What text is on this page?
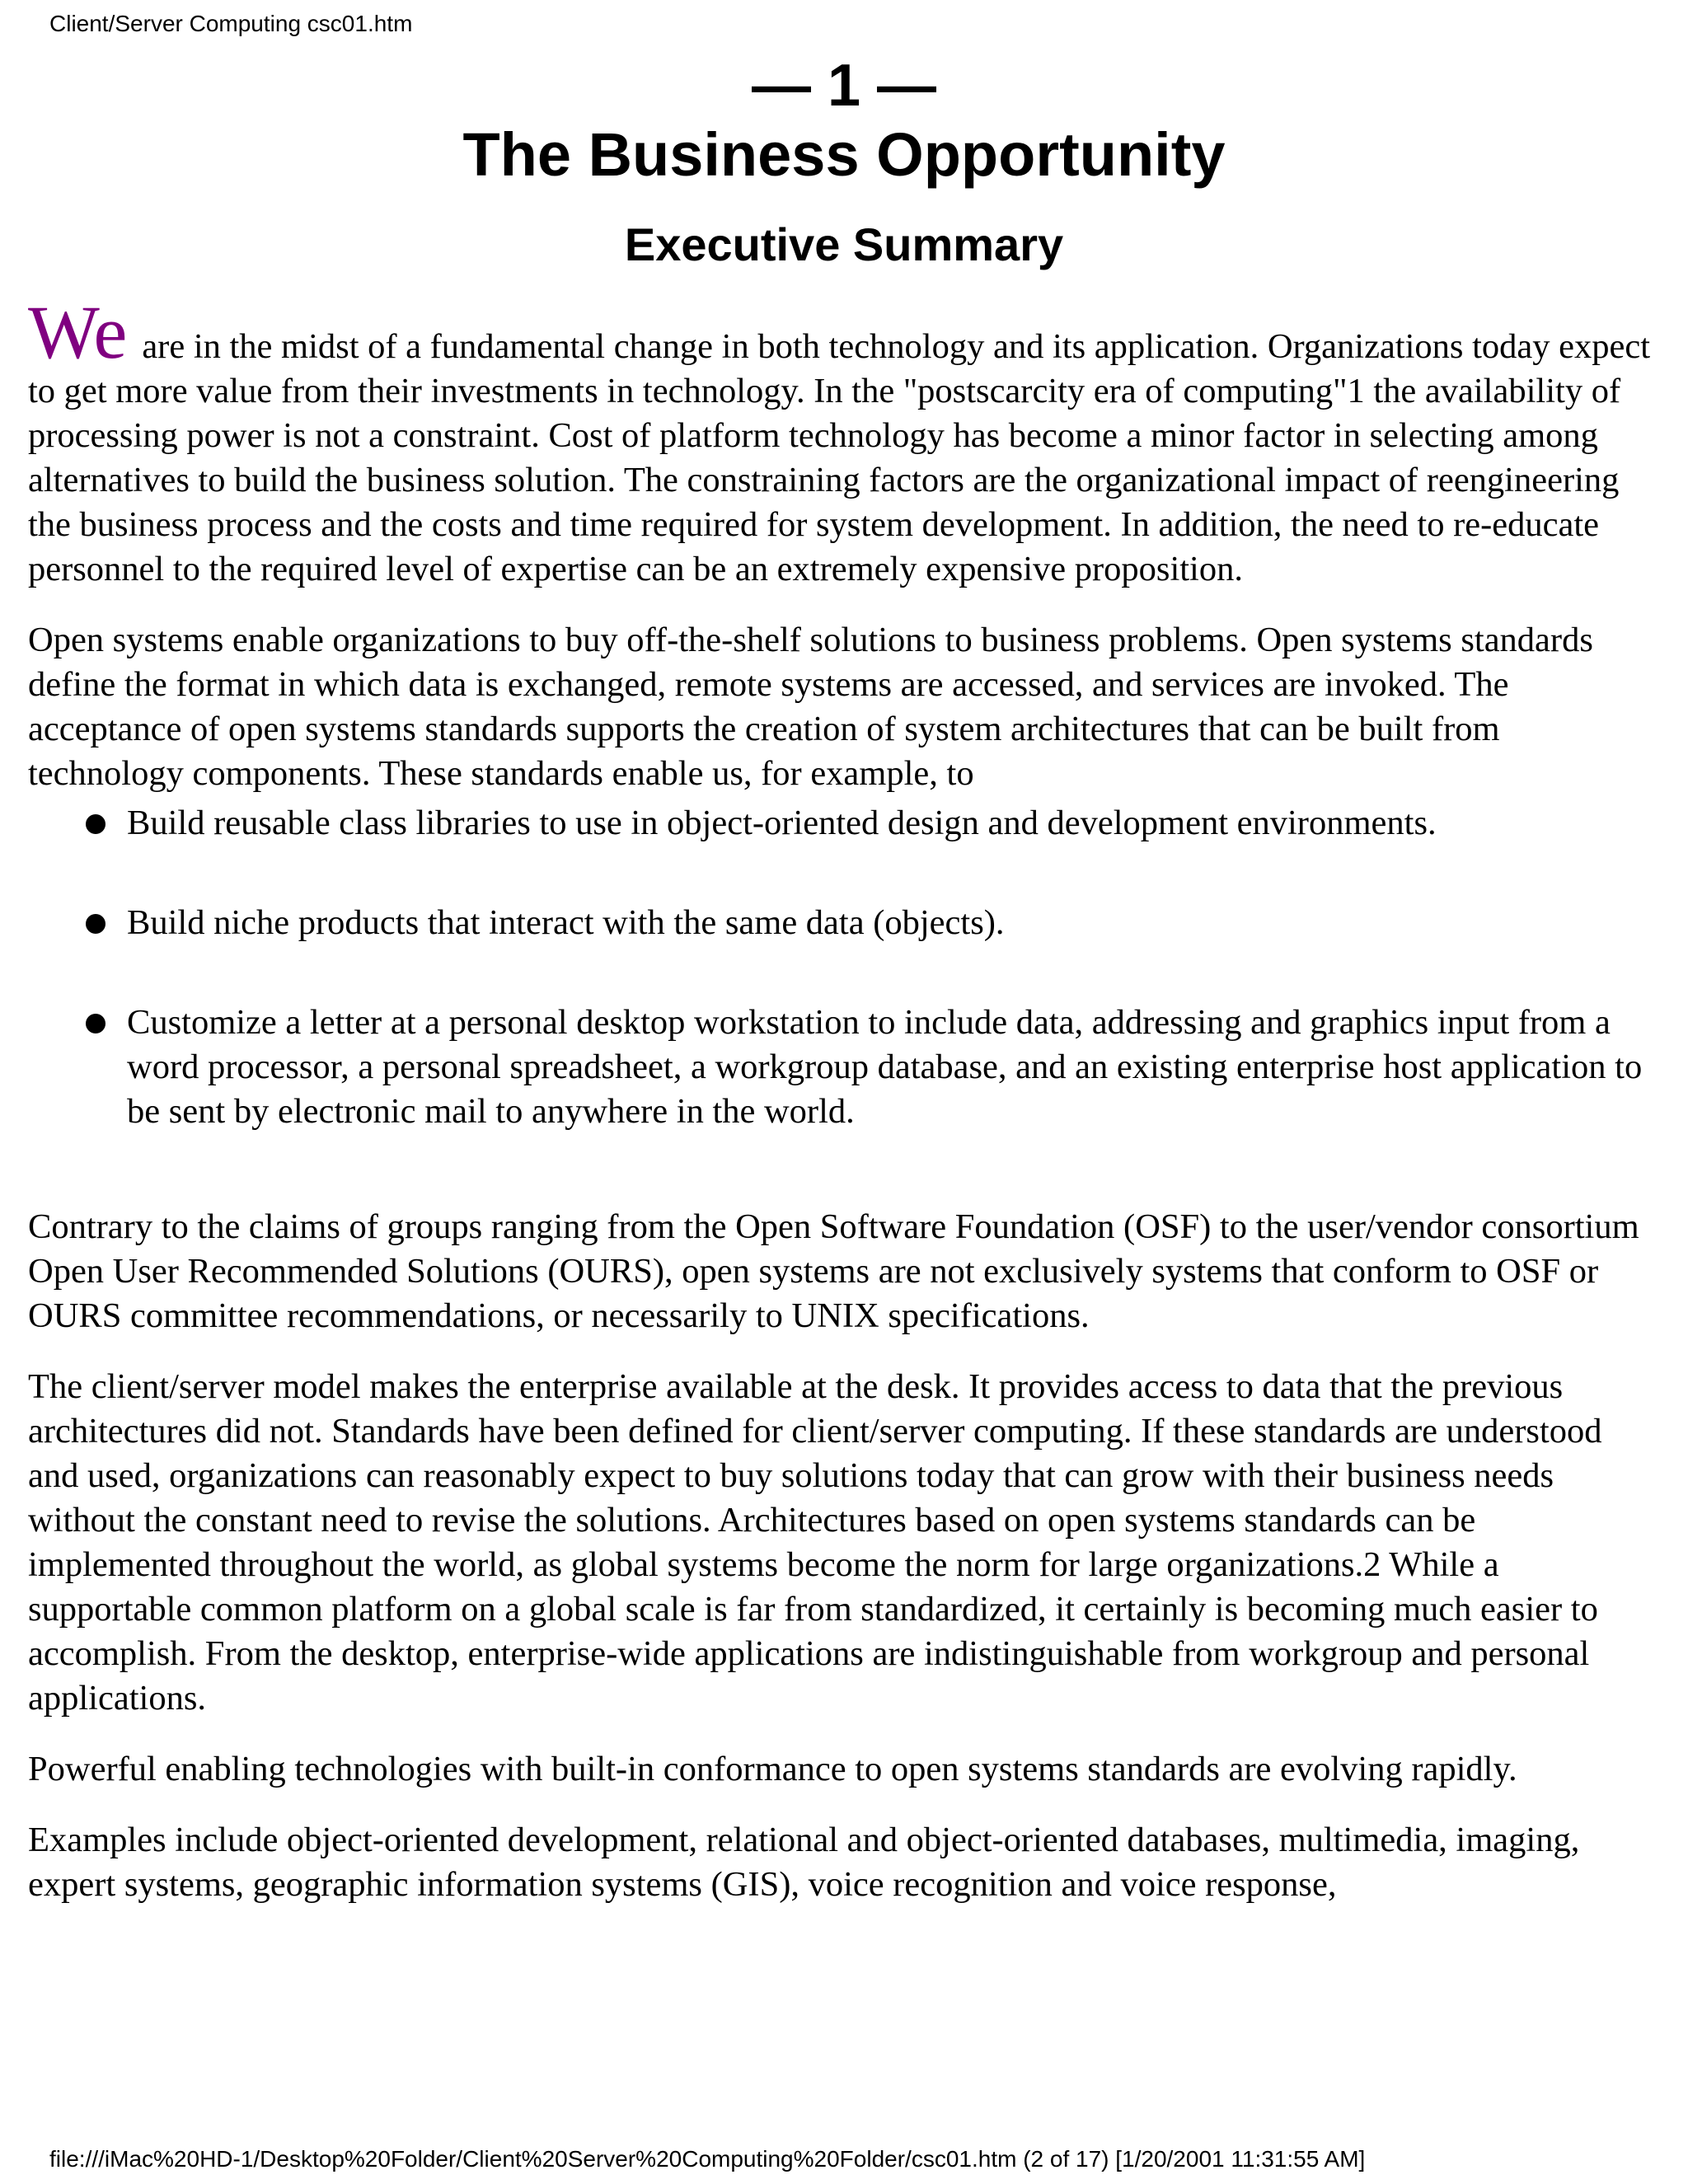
Client/Server Computing csc01.htm
— 1 —
The Business Opportunity
Executive Summary

We are in the midst of a fundamental change in both technology and its application. Organizations today expect to get more value from their investments in technology. In the "postscarcity era of computing"1 the availability of processing power is not a constraint. Cost of platform technology has become a minor factor in selecting among alternatives to build the business solution. The constraining factors are the organizational impact of reengineering the business process and the costs and time required for system development. In addition, the need to re-educate personnel to the required level of expertise can be an extremely expensive proposition.

Open systems enable organizations to buy off-the-shelf solutions to business problems. Open systems standards define the format in which data is exchanged, remote systems are accessed, and services are invoked. The acceptance of open systems standards supports the creation of system architectures that can be built from technology components. These standards enable us, for example, to

Build reusable class libraries to use in object-oriented design and development environments.
Build niche products that interact with the same data (objects).
Customize a letter at a personal desktop workstation to include data, addressing and graphics input from a word processor, a personal spreadsheet, a workgroup database, and an existing enterprise host application to be sent by electronic mail to anywhere in the world.

Contrary to the claims of groups ranging from the Open Software Foundation (OSF) to the user/vendor consortium Open User Recommended Solutions (OURS), open systems are not exclusively systems that conform to OSF or OURS committee recommendations, or necessarily to UNIX specifications.

The client/server model makes the enterprise available at the desk. It provides access to data that the previous architectures did not. Standards have been defined for client/server computing. If these standards are understood and used, organizations can reasonably expect to buy solutions today that can grow with their business needs without the constant need to revise the solutions. Architectures based on open systems standards can be implemented throughout the world, as global systems become the norm for large organizations.2 While a supportable common platform on a global scale is far from standardized, it certainly is becoming much easier to accomplish. From the desktop, enterprise-wide applications are indistinguishable from workgroup and personal applications.

Powerful enabling technologies with built-in conformance to open systems standards are evolving rapidly.

Examples include object-oriented development, relational and object-oriented databases, multimedia, imaging, expert systems, geographic information systems (GIS), voice recognition and voice response,

file:///iMac%20HD-1/Desktop%20Folder/Client%20Server%20Computing%20Folder/csc01.htm (2 of 17) [1/20/2001 11:31:55 AM]
